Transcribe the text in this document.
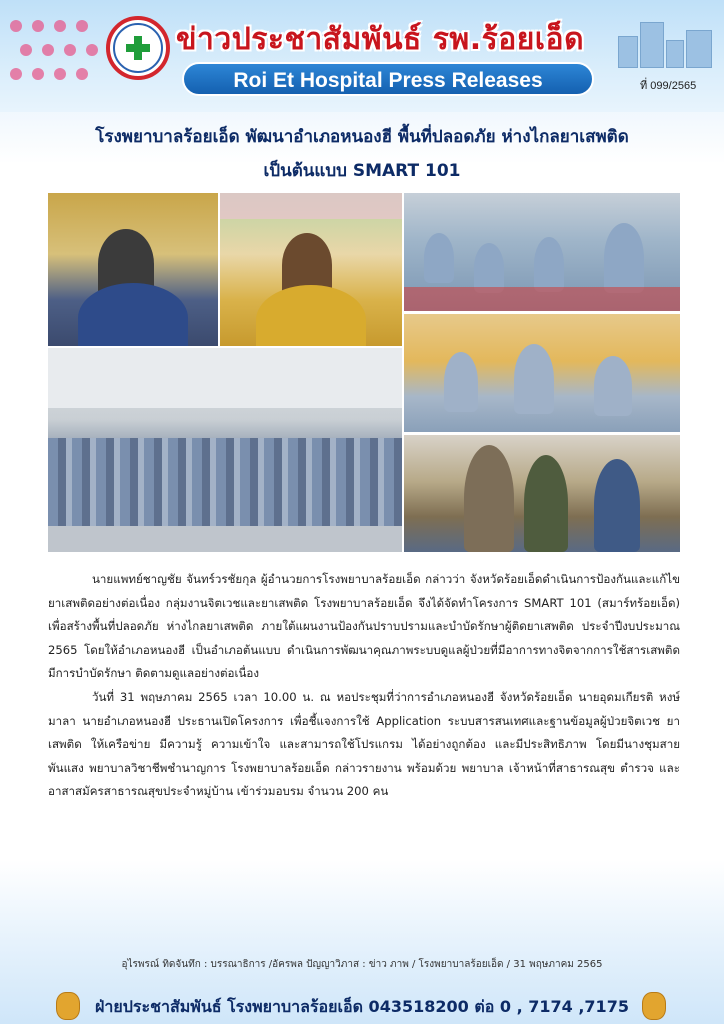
ข่าวประชาสัมพันธ์ รพ.ร้อยเอ็ด
Roi Et Hospital Press Releases	ที่ 099/2565
โรงพยาบาลร้อยเอ็ด พัฒนาอำเภอหนองฮี พื้นที่ปลอดภัย ห่างไกลยาเสพติด
เป็นต้นแบบ SMART 101

นายแพทย์ชาญชัย จันทร์วรชัยกุล ผู้อำนวยการโรงพยาบาลร้อยเอ็ด กล่าวว่า จังหวัดร้อยเอ็ดดำเนินการป้องกันและแก้ไขยาเสพติดอย่างต่อเนื่อง กลุ่มงานจิตเวชและยาเสพติด โรงพยาบาลร้อยเอ็ด จึงได้จัดทำโครงการ SMART 101 (สมาร์ทร้อยเอ็ด) เพื่อสร้างพื้นที่ปลอดภัย ห่างไกลยาเสพติด ภายใต้แผนงานป้องกันปราบปรามและบำบัดรักษาผู้ติดยาเสพติด ประจำปีงบประมาณ 2565 โดยให้อำเภอหนองฮี เป็นอำเภอต้นแบบ ดำเนินการพัฒนาคุณภาพระบบดูแลผู้ป่วยที่มีอาการทางจิตจากการใช้สารเสพติด มีการบำบัดรักษา ติดตามดูแลอย่างต่อเนื่อง

วันที่ 31 พฤษภาคม 2565 เวลา 10.00 น. ณ หอประชุมที่ว่าการอำเภอหนองฮี จังหวัดร้อยเอ็ด นายอุดมเกียรติ หงษ์มาลา นายอำเภอหนองฮี ประธานเปิดโครงการ เพื่อชี้แจงการใช้ Application ระบบสารสนเทศและฐานข้อมูลผู้ป่วยจิตเวช ยาเสพติด ให้เครือข่าย มีความรู้ ความเข้าใจ และสามารถใช้โปรแกรม ได้อย่างถูกต้อง และมีประสิทธิภาพ โดยมีนางชุมสาย พันแสง พยาบาลวิชาชีพชำนาญการ โรงพยาบาลร้อยเอ็ด กล่าวรายงาน พร้อมด้วย พยาบาล เจ้าหน้าที่สาธารณสุข ตำรวจ และอาสาสมัครสาธารณสุขประจำหมู่บ้าน เข้าร่วมอบรม จำนวน 200 คน

อุไรพรณ์ ทิดจันทึก : บรรณาธิการ /อัครพล ปัญญาวิภาส : ข่าว ภาพ / โรงพยาบาลร้อยเอ็ด / 31 พฤษภาคม 2565
ฝ่ายประชาสัมพันธ์ โรงพยาบาลร้อยเอ็ด 043518200 ต่อ 0 , 7174 ,7175
